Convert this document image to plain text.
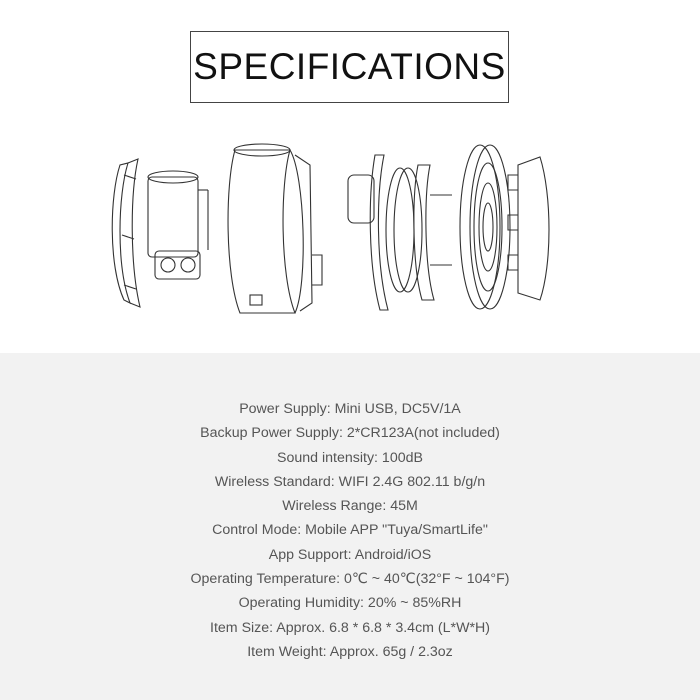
SPECIFICATIONS
Power Supply: Mini USB, DC5V/1A
Backup Power Supply: 2*CR123A(not included)
Sound intensity: 100dB
Wireless Standard: WIFI 2.4G 802.11 b/g/n
Wireless Range: 45M
Control Mode: Mobile APP "Tuya/SmartLife"
App Support: Android/iOS
Operating Temperature: 0℃ ~ 40℃(32°F ~ 104°F)
Operating Humidity: 20% ~ 85%RH
Item Size: Approx. 6.8 * 6.8 * 3.4cm (L*W*H)
Item Weight: Approx. 65g / 2.3oz
